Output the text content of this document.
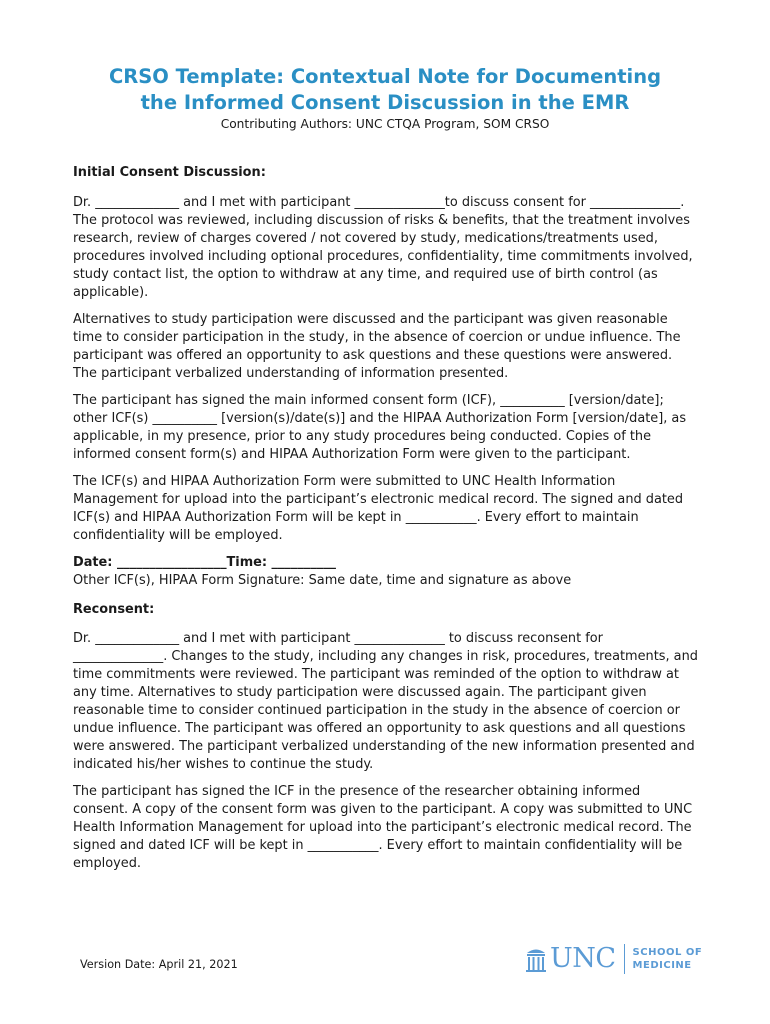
CRSO Template: Contextual Note for Documenting
the Informed Consent Discussion in the EMR
Contributing Authors: UNC CTQA Program, SOM CRSO

Initial Consent Discussion:

Dr. _____________ and I met with participant ______________to discuss consent for ______________. The protocol was reviewed, including discussion of risks & benefits, that the treatment involves research, review of charges covered / not covered by study, medications/treatments used, procedures involved including optional procedures, confidentiality, time commitments involved, study contact list, the option to withdraw at any time, and required use of birth control (as applicable).

Alternatives to study participation were discussed and the participant was given reasonable time to consider participation in the study, in the absence of coercion or undue influence. The participant was offered an opportunity to ask questions and these questions were answered. The participant verbalized understanding of information presented.

The participant has signed the main informed consent form (ICF), __________ [version/date]; other ICF(s) __________ [version(s)/date(s)] and the HIPAA Authorization Form [version/date], as applicable, in my presence, prior to any study procedures being conducted. Copies of the informed consent form(s) and HIPAA Authorization Form were given to the participant.

The ICF(s) and HIPAA Authorization Form were submitted to UNC Health Information Management for upload into the participant’s electronic medical record. The signed and dated ICF(s) and HIPAA Authorization Form will be kept in ___________. Every effort to maintain confidentiality will be employed.

Date: _________________Time: __________

Other ICF(s), HIPAA Form Signature: Same date, time and signature as above

Reconsent:

Dr. _____________ and I met with participant ______________ to discuss reconsent for ______________. Changes to the study, including any changes in risk, procedures, treatments, and time commitments were reviewed. The participant was reminded of the option to withdraw at any time. Alternatives to study participation were discussed again. The participant given reasonable time to consider continued participation in the study in the absence of coercion or undue influence. The participant was offered an opportunity to ask questions and all questions were answered. The participant verbalized understanding of the new information presented and indicated his/her wishes to continue the study.

The participant has signed the ICF in the presence of the researcher obtaining informed consent. A copy of the consent form was given to the participant. A copy was submitted to UNC Health Information Management for upload into the participant’s electronic medical record. The signed and dated ICF will be kept in ___________. Every effort to maintain confidentiality will be employed.

Version Date: April 21, 2021	UNC SCHOOL OF
MEDICINE
